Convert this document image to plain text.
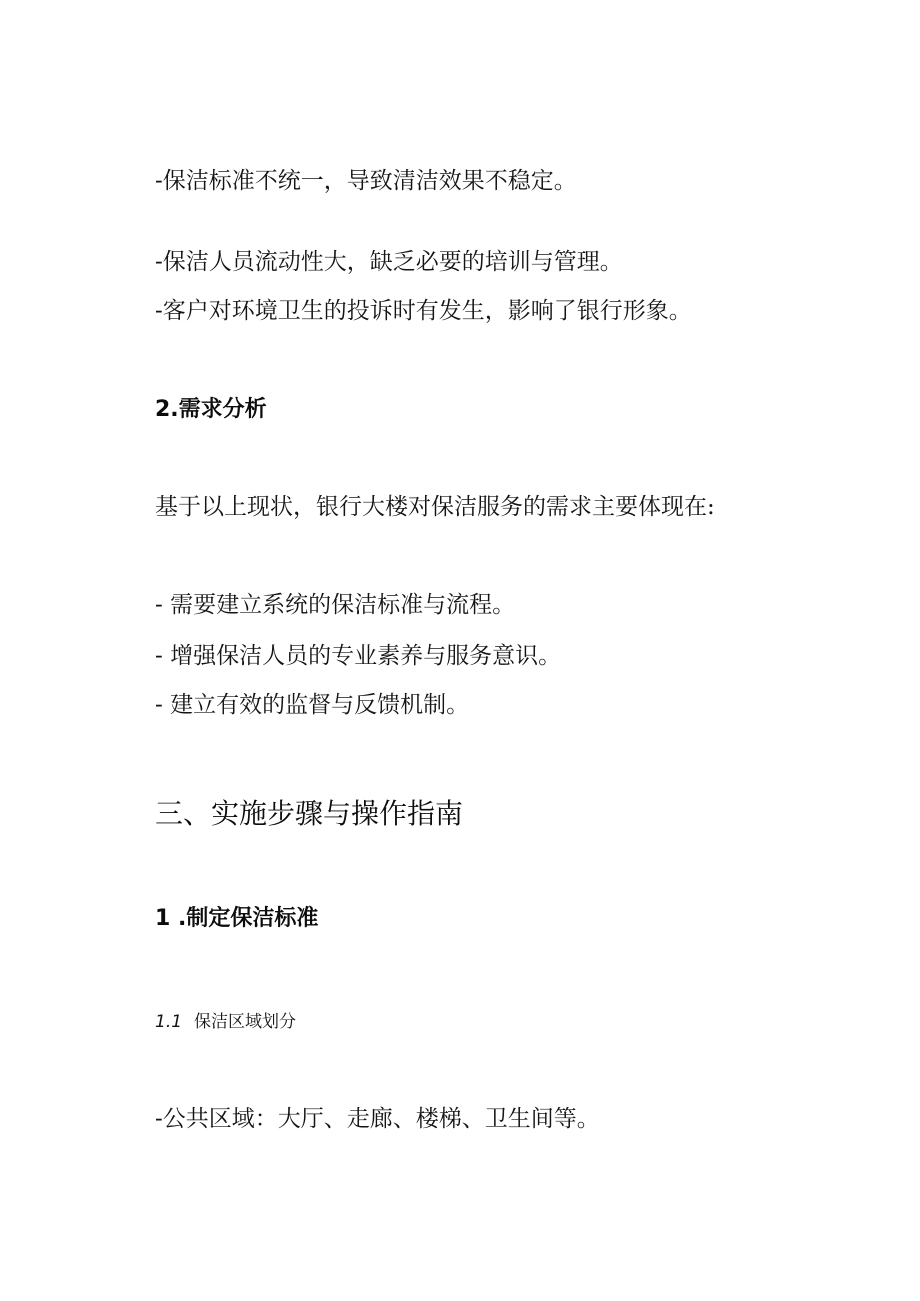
-保洁标准不统一，导致清洁效果不稳定。
-保洁人员流动性大，缺乏必要的培训与管理。
-客户对环境卫生的投诉时有发生，影响了银行形象。
2.需求分析
基于以上现状，银行大楼对保洁服务的需求主要体现在:
- 需要建立系统的保洁标准与流程。
- 增强保洁人员的专业素养与服务意识。
- 建立有效的监督与反馈机制。
三、实施步骤与操作指南
1 .制定保洁标准
1.1 保洁区域划分
-公共区域：大厅、走廊、楼梯、卫生间等。
